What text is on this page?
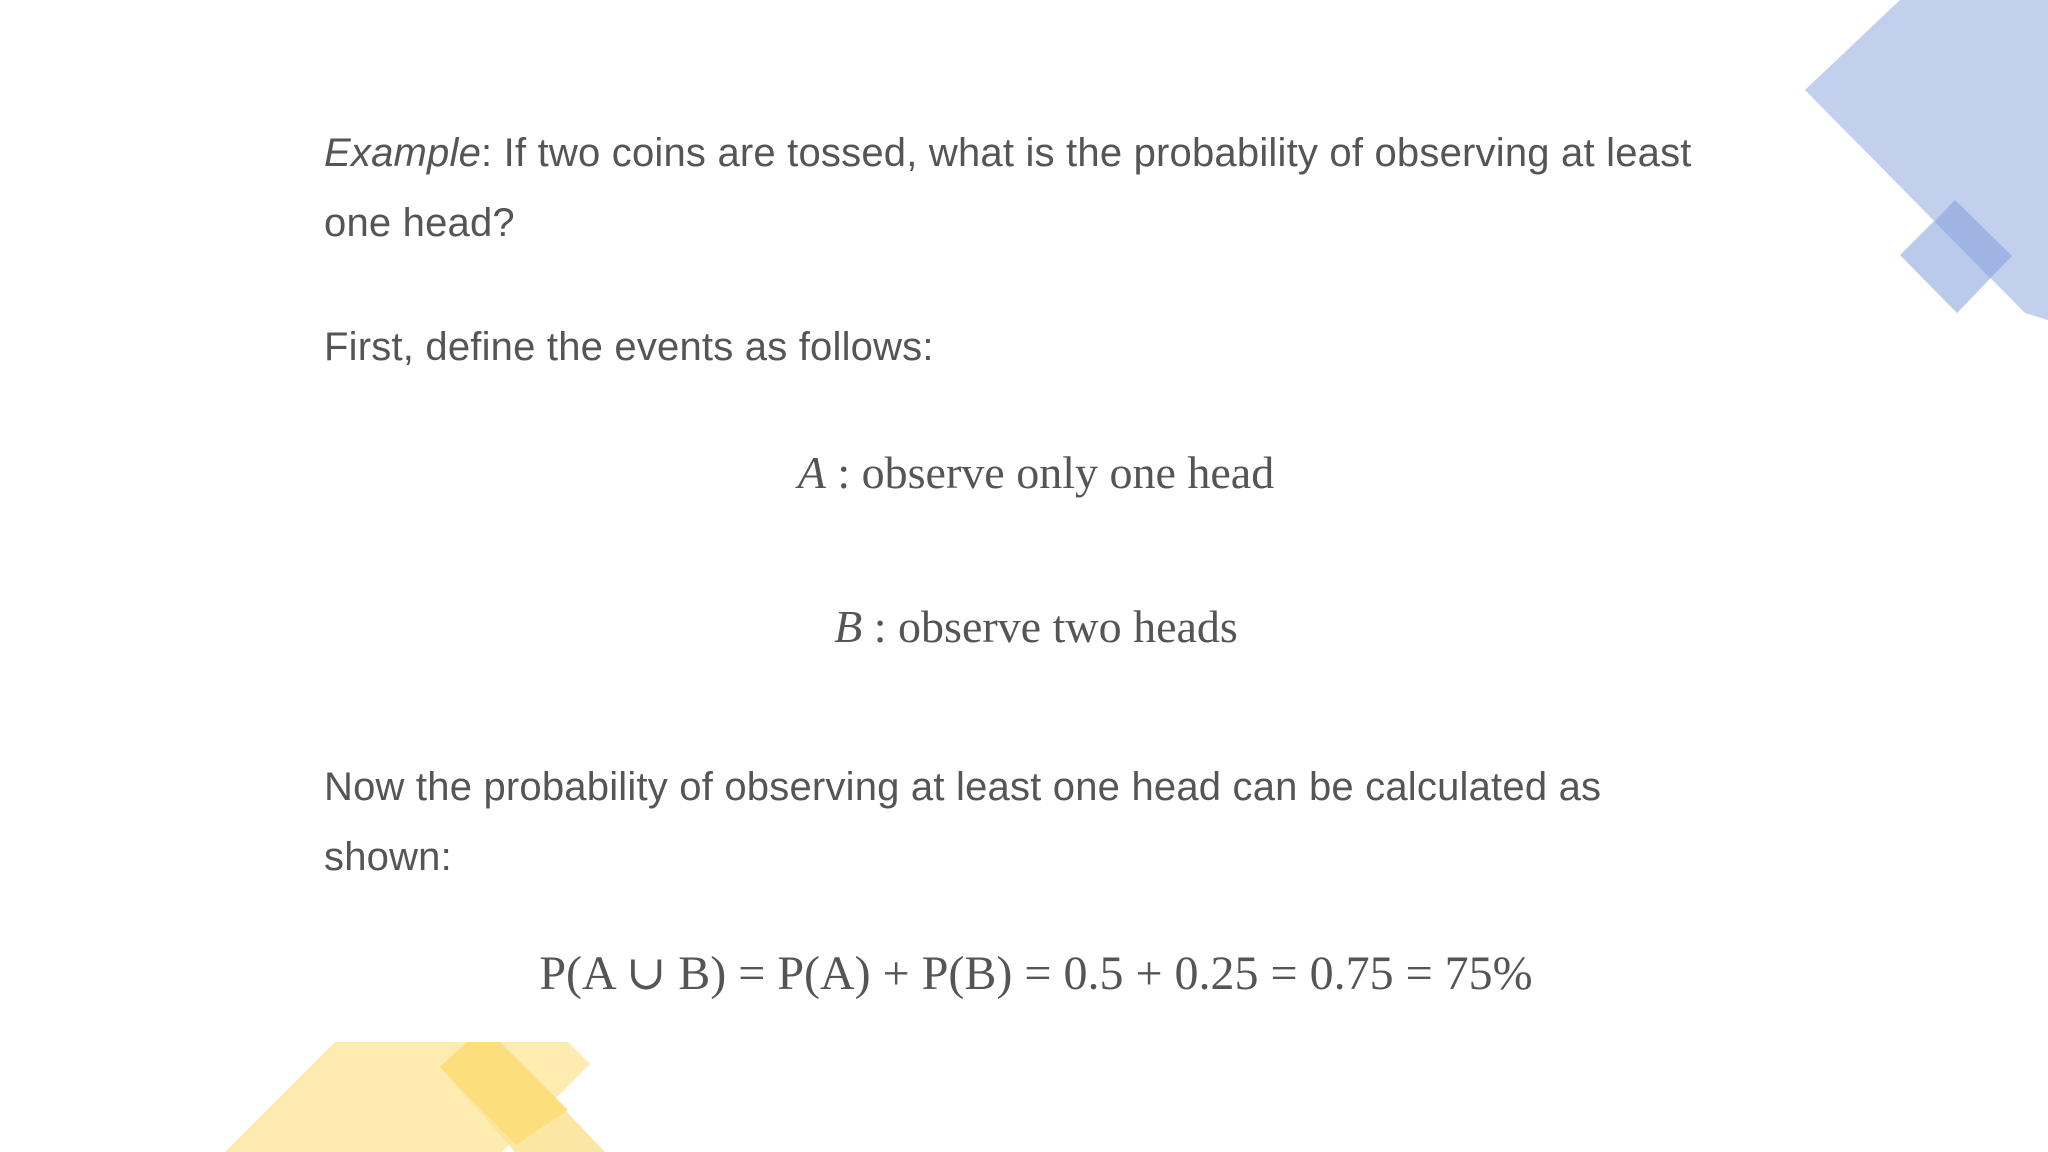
Example: If two coins are tossed, what is the probability of observing at least one head?

First, define the events as follows:

A : observe only one head
B : observe two heads

Now the probability of observing at least one head can be calculated as shown:

P(A ∪ B) = P(A) + P(B) = 0.5 + 0.25 = 0.75 = 75%
